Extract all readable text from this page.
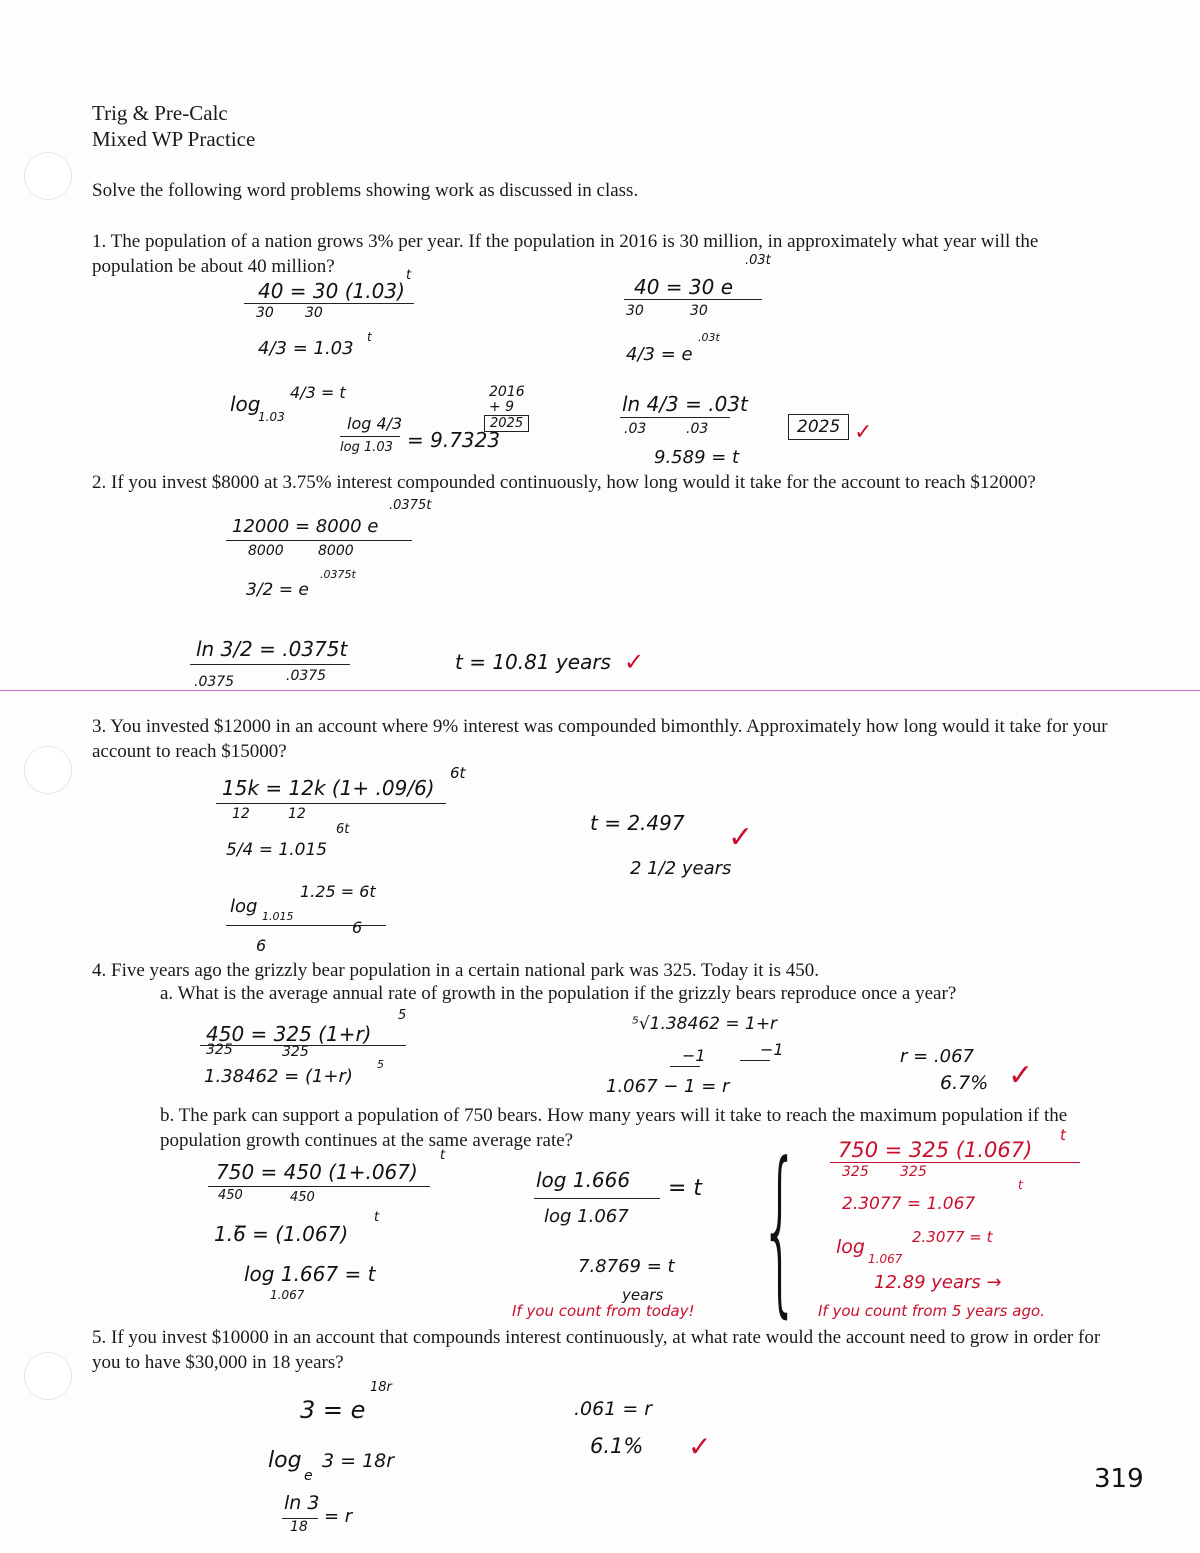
Trig & Pre-Calc
Mixed WP Practice
Solve the following word problems showing work as discussed in class.
1. The population of a nation grows 3% per year. If the population in 2016 is 30 million, in approximately what year will the population be about 40 million?
40 = 30 (1.03)
t
30 30
4/3 = 1.03
t
log
1.03
4/3 = t
log 4/3
log 1.03 = 9.7323
2016
+ 9
2025
.03t
40 = 30 e
30	30
.03t
4/3 = e
ln 4/3 = .03t
.03	.03
9.589 = t
2025 ✓
2. If you invest $8000 at 3.75% interest compounded continuously, how long would it take for the account to reach $12000?
.0375t
12000 = 8000 e
8000 8000
.0375t
3/2 = e
ln 3/2 = .0375t
.0375	.0375
t = 10.81 years ✓
3. You invested $12000 in an account where 9% interest was compounded bimonthly. Approximately how long would it take for your account to reach $15000?
15k = 12k (1+ .09/6)
6t
12	12
6t
5/4 = 1.015
log 1.015
1.25 = 6t
6
6
t = 2.497
2 1/2 years
✓
4. Five years ago the grizzly bear population in a certain national park was 325. Today it is 450.
a. What is the average annual rate of growth in the population if the grizzly bears reproduce once a year?
450 = 325 (1+r)
5
325	325
1.38462 = (1+r)
5
⁵√1.38462 = 1+r
−1	−1
1.067 − 1 = r
r = .067
6.7% ✓
b. The park can support a population of 750 bears. How many years will it take to reach the maximum population if the population growth continues at the same average rate?
750 = 450 (1+.067)
t
450	450
1.6̅ = (1.067)
t
log 1.667 = t
1.067
log 1.666
log 1.067
= t
7.8769 = t
years
If you count from today! { 750 = 325 (1.067)
t
325 325
2.3077 = 1.067
t
log
1.067
2.3077 = t
12.89 years →
If you count from 5 years ago.
5. If you invest $10000 in an account that compounds interest continuously, at what rate would the account need to grow in order for you to have $30,000 in 18 years?
18r
3 = e
log
e
3 = 18r
ln 3
18 = r
.061 = r
6.1% ✓
319
